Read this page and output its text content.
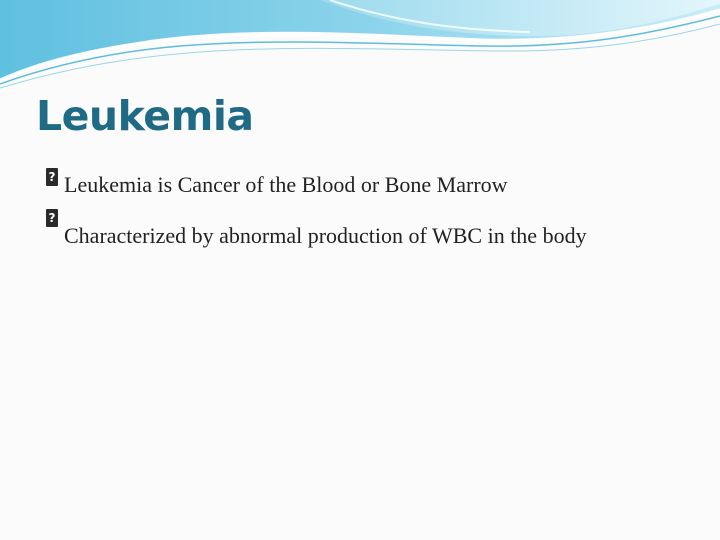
Leukemia
?
Leukemia is Cancer of the Blood or Bone Marrow
?
Characterized by abnormal production of WBC in the body
